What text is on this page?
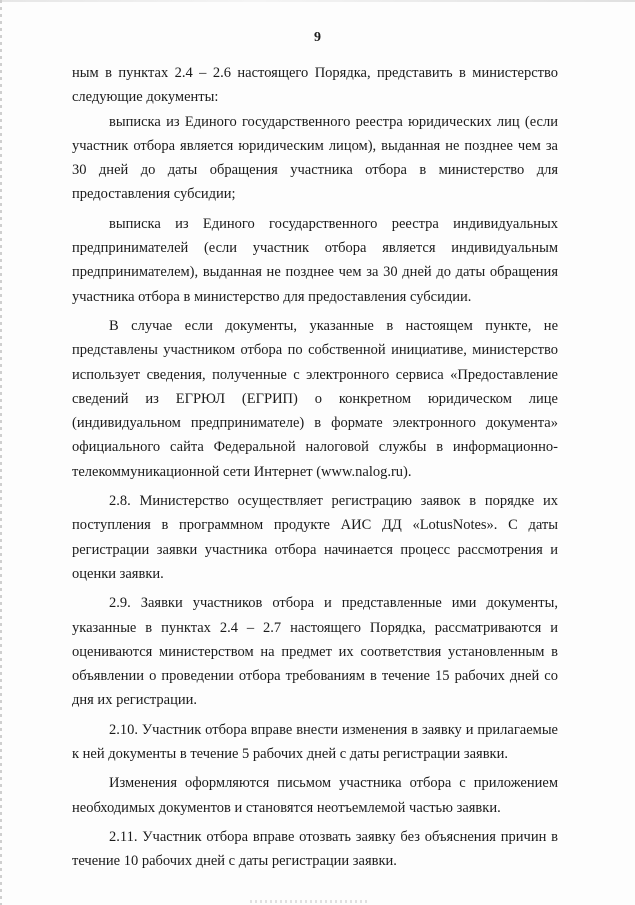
9

ным в пунктах 2.4 – 2.6 настоящего Порядка, представить в министерство следующие документы:

выписка из Единого государственного реестра юридических лиц (если участник отбора является юридическим лицом), выданная не позднее чем за 30 дней до даты обращения участника отбора в министерство для предоставления субсидии;

выписка из Единого государственного реестра индивидуальных предпринимателей (если участник отбора является индивидуальным предпринимателем), выданная не позднее чем за 30 дней до даты обращения участника отбора в министерство для предоставления субсидии.

В случае если документы, указанные в настоящем пункте, не представлены участником отбора по собственной инициативе, министерство использует сведения, полученные с электронного сервиса «Предоставление сведений из ЕГРЮЛ (ЕГРИП) о конкретном юридическом лице (индивидуальном предпринимателе) в формате электронного документа» официального сайта Федеральной налоговой службы в информационно-телекоммуникационной сети Интернет (www.nalog.ru).

2.8. Министерство осуществляет регистрацию заявок в порядке их поступления в программном продукте АИС ДД «LotusNotes». С даты регистрации заявки участника отбора начинается процесс рассмотрения и оценки заявки.

2.9. Заявки участников отбора и представленные ими документы, указанные в пунктах 2.4 – 2.7 настоящего Порядка, рассматриваются и оцениваются министерством на предмет их соответствия установленным в объявлении о проведении отбора требованиям в течение 15 рабочих дней со дня их регистрации.

2.10. Участник отбора вправе внести изменения в заявку и прилагаемые к ней документы в течение 5 рабочих дней с даты регистрации заявки.

Изменения оформляются письмом участника отбора с приложением необходимых документов и становятся неотъемлемой частью заявки.

2.11. Участник отбора вправе отозвать заявку без объяснения причин в течение 10 рабочих дней с даты регистрации заявки.
